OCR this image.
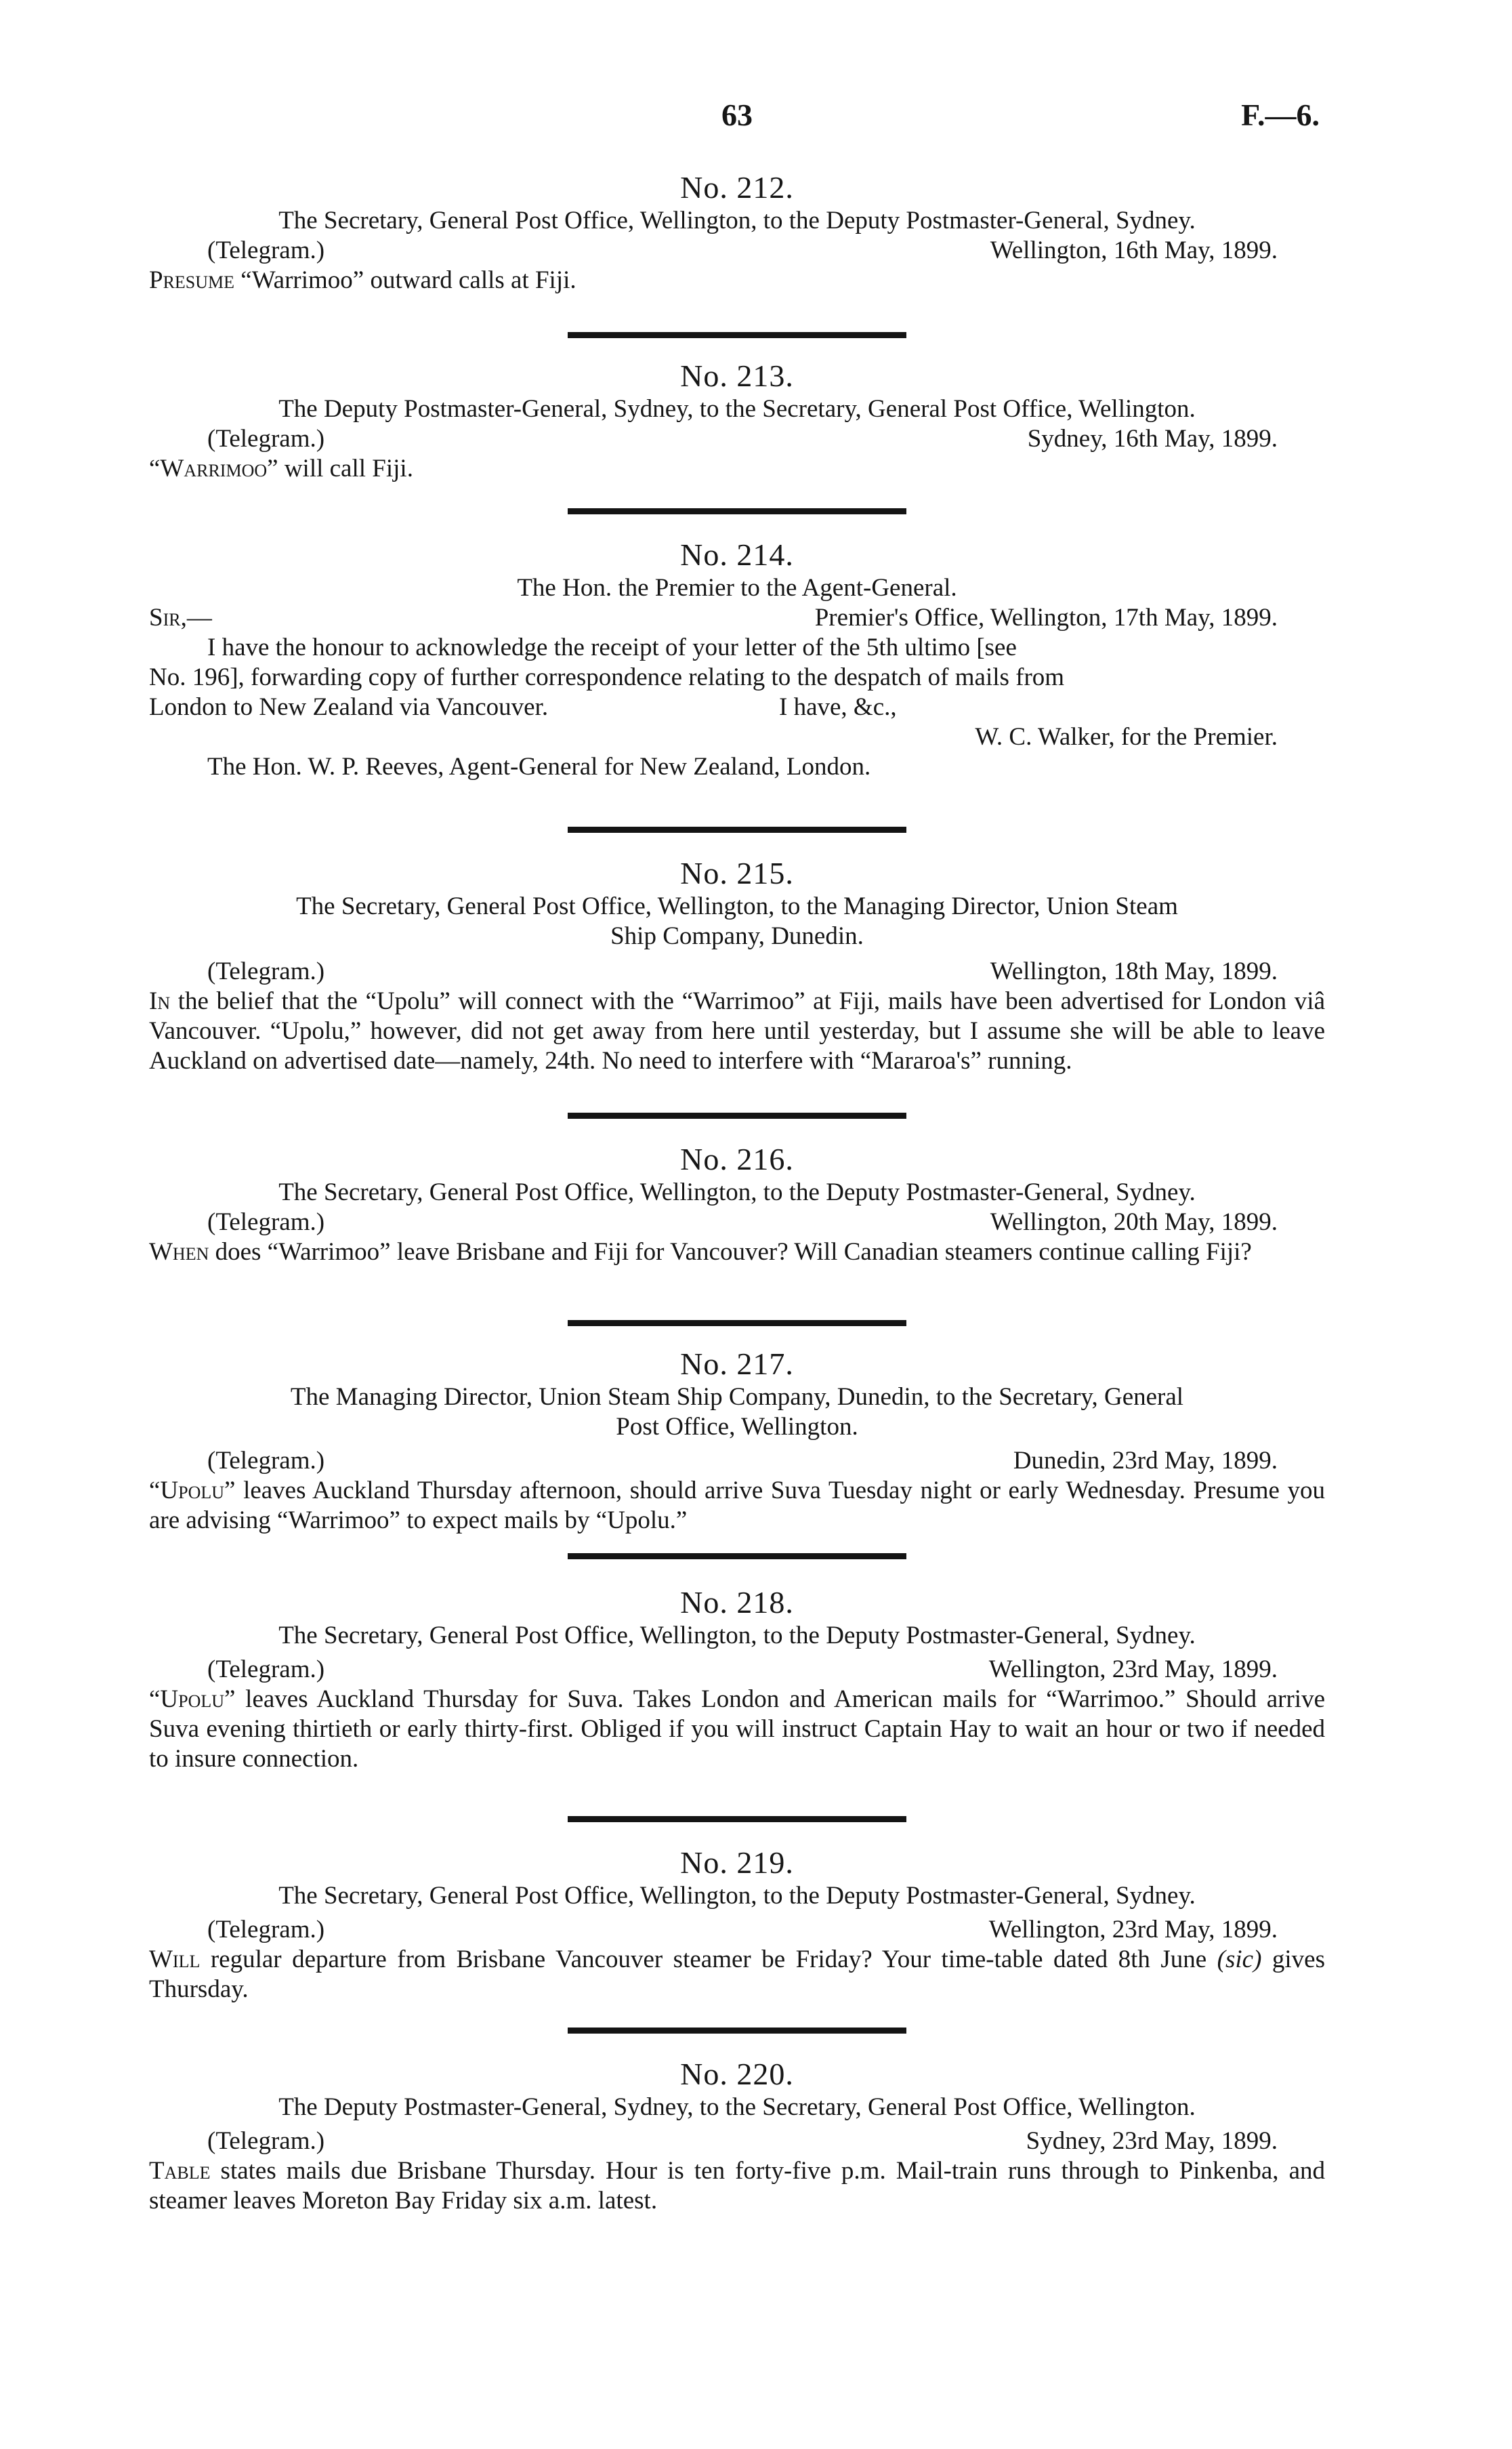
63	F.—6.
No. 212.
The Secretary, General Post Office, Wellington, to the Deputy Postmaster-General, Sydney.
(Telegram.)	Wellington, 16th May, 1899.
Presume “Warrimoo” outward calls at Fiji.
No. 213.
The Deputy Postmaster-General, Sydney, to the Secretary, General Post Office, Wellington.
(Telegram.)	Sydney, 16th May, 1899.
“Warrimoo” will call Fiji.
No. 214.
The Hon. the Premier to the Agent-General.
Sir,—	Premier's Office, Wellington, 17th May, 1899.
I have the honour to acknowledge the receipt of your letter of the 5th ultimo [see
No. 196], forwarding copy of further correspondence relating to the despatch of mails from
London to New Zealand via Vancouver.	I have, &c.,
W. C. Walker, for the Premier.
The Hon. W. P. Reeves, Agent-General for New Zealand, London.
No. 215.
The Secretary, General Post Office, Wellington, to the Managing Director, Union Steam
Ship Company, Dunedin.
(Telegram.)	Wellington, 18th May, 1899.
In the belief that the “Upolu” will connect with the “Warrimoo” at Fiji, mails have been advertised for London viâ Vancouver. “Upolu,” however, did not get away from here until yesterday, but I assume she will be able to leave Auckland on advertised date—namely, 24th. No need to interfere with “Mararoa's” running.
No. 216.
The Secretary, General Post Office, Wellington, to the Deputy Postmaster-General, Sydney.
(Telegram.)	Wellington, 20th May, 1899.
When does “Warrimoo” leave Brisbane and Fiji for Vancouver? Will Canadian steamers continue calling Fiji?
No. 217.
The Managing Director, Union Steam Ship Company, Dunedin, to the Secretary, General
Post Office, Wellington.
(Telegram.)	Dunedin, 23rd May, 1899.
“Upolu” leaves Auckland Thursday afternoon, should arrive Suva Tuesday night or early Wednesday. Presume you are advising “Warrimoo” to expect mails by “Upolu.”
No. 218.
The Secretary, General Post Office, Wellington, to the Deputy Postmaster-General, Sydney.
(Telegram.)	Wellington, 23rd May, 1899.
“Upolu” leaves Auckland Thursday for Suva. Takes London and American mails for “Warrimoo.” Should arrive Suva evening thirtieth or early thirty-first. Obliged if you will instruct Captain Hay to wait an hour or two if needed to insure connection.
No. 219.
The Secretary, General Post Office, Wellington, to the Deputy Postmaster-General, Sydney.
(Telegram.)	Wellington, 23rd May, 1899.
Will regular departure from Brisbane Vancouver steamer be Friday? Your time-table dated 8th June (sic) gives Thursday.
No. 220.
The Deputy Postmaster-General, Sydney, to the Secretary, General Post Office, Wellington.
(Telegram.)	Sydney, 23rd May, 1899.
Table states mails due Brisbane Thursday. Hour is ten forty-five p.m. Mail-train runs through to Pinkenba, and steamer leaves Moreton Bay Friday six a.m. latest.
